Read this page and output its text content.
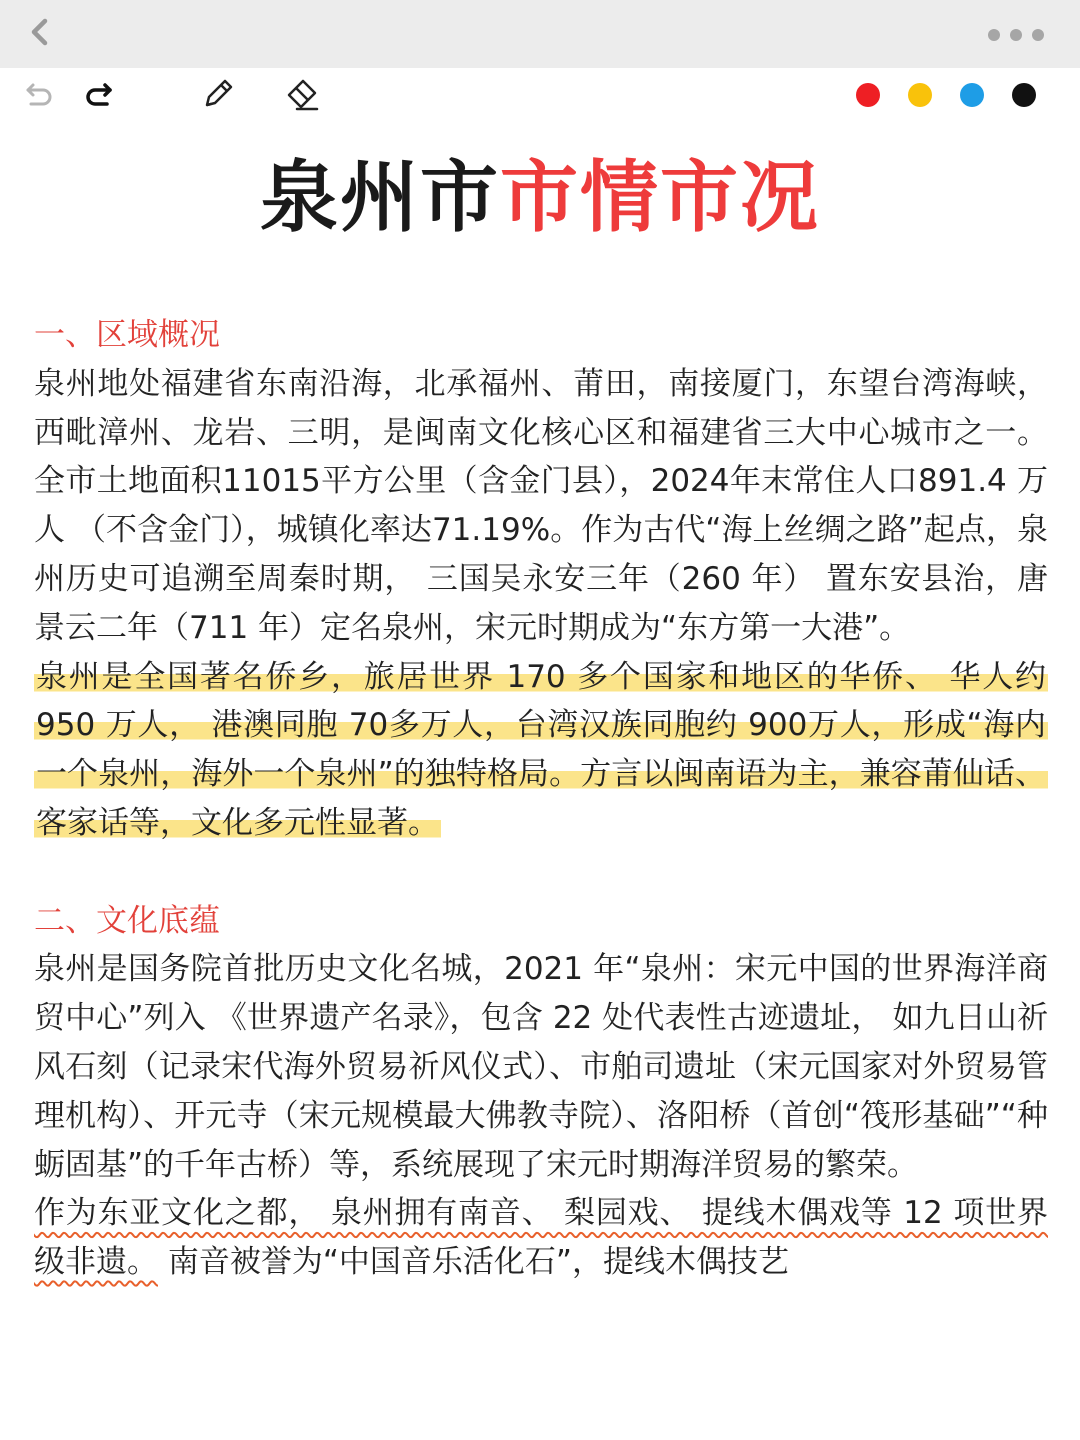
泉州市市情市况
一、区域概况

泉州地处福建省东南沿海，北承福州、莆田，南接厦门，东望台湾海峡，西毗漳州、龙岩、三明，是闽南文化核心区和福建省三大中心城市之一。全市土地面积11015平方公里（含金门县），2024年末常住人口891.4 万人 （不含金门），城镇化率达71.19%。作为古代“海上丝绸之路”起点，泉州历史可追溯至周秦时期， 三国吴永安三年（260 年） 置东安县治，唐景云二年（711 年）定名泉州，宋元时期成为“东方第一大港”。

泉州是全国著名侨乡，旅居世界 170 多个国家和地区的华侨、 华人约 950 万人， 港澳同胞 70多万人，台湾汉族同胞约 900万人，形成“海内一个泉州，海外一个泉州”的独特格局。方言以闽南语为主，兼容莆仙话、客家话等，文化多元性显著。

二、文化底蕴

泉州是国务院首批历史文化名城，2021 年“泉州：宋元中国的世界海洋商贸中心”列入 《世界遗产名录》，包含 22 处代表性古迹遗址， 如九日山祈风石刻（记录宋代海外贸易祈风仪式）、市舶司遗址（宋元国家对外贸易管理机构）、开元寺（宋元规模最大佛教寺院）、洛阳桥（首创“筏形基础”“种蛎固基”的千年古桥）等，系统展现了宋元时期海洋贸易的繁荣。

作为东亚文化之都， 泉州拥有南音、 梨园戏、 提线木偶戏等 12 项世界级非遗。 南音被誉为“中国音乐活化石”，提线木偶技艺
